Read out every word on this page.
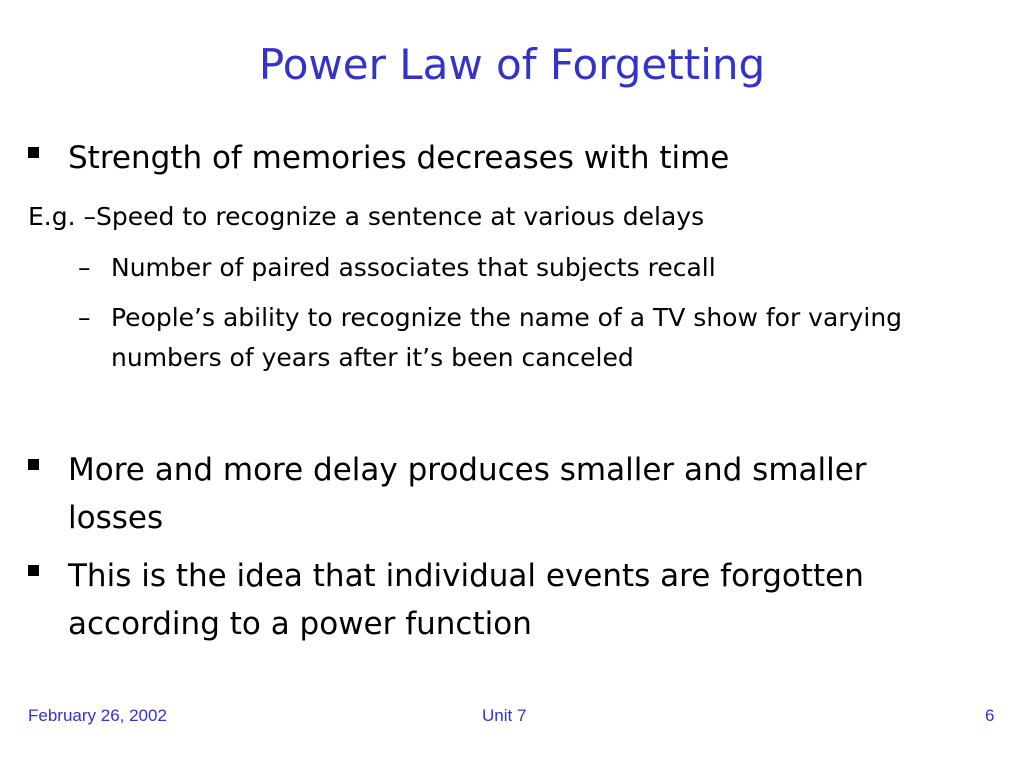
Power Law of Forgetting
Strength of memories decreases with time
E.g. –Speed to recognize a sentence at various delays
– Number of paired associates that subjects recall
– People’s ability to recognize the name of a TV show for varying numbers of years after it’s been canceled
More and more delay produces smaller and smaller losses
This is the idea that individual events are forgotten according to a power function
February 26, 2002	Unit 7	6
